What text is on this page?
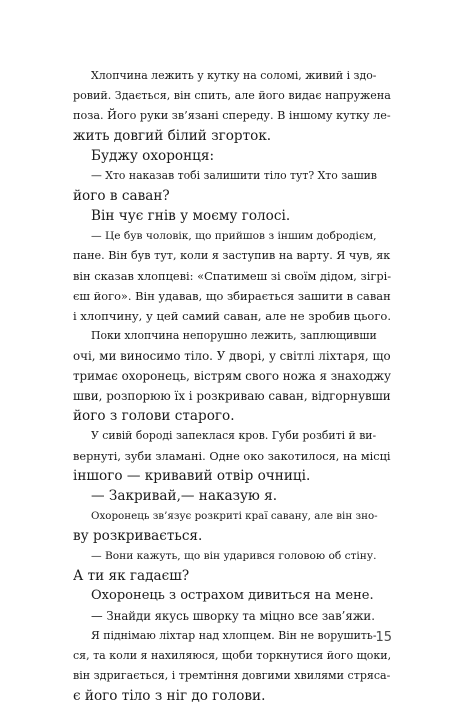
Хлопчина лежить у кутку на соломі, живий і здо-
ровий. Здається, він спить, але його видає напружена
поза. Його руки зв’язані спереду. В іншому кутку ле-
жить довгий білий згорток.

Буджу охоронця:

— Хто наказав тобі залишити тіло тут? Хто зашив
його в саван?

Він чує гнів у моєму голосі.

— Це був чоловік, що прийшов з іншим добродієм,
пане. Він був тут, коли я заступив на варту. Я чув, як
він сказав хлопцеві: «Спатимеш зі своїм дідом, зігрі-
єш його». Він удавав, що збирається зашити в саван
і хлопчину, у цей самий саван, але не зробив цього.

Поки хлопчина непорушно лежить, заплющивши
очі, ми виносимо тіло. У дворі, у світлі ліхтаря, що
тримає охоронець, вістрям свого ножа я знаходжу
шви, розпорюю їх і розкриваю саван, відгорнувши
його з голови старого.

У сивій бороді запеклася кров. Губи розбиті й ви-
вернуті, зуби зламані. Одне око закотилося, на місці
іншого — кривавий отвір очниці.

— Закривай,— наказую я.

Охоронець зв’язує розкриті краї савану, але він зно-
ву розкривається.

— Вони кажуть, що він ударився головою об стіну.
А ти як гадаєш?

Охоронець з острахом дивиться на мене.

— Знайди якусь шворку та міцно все зав’яжи.

Я піднімаю ліхтар над хлопцем. Він не ворушить-
ся, та коли я нахиляюся, щоби торкнутися його щоки,
він здригається, і тремтіння довгими хвилями стряса-
є його тіло з ніг до голови.

15
